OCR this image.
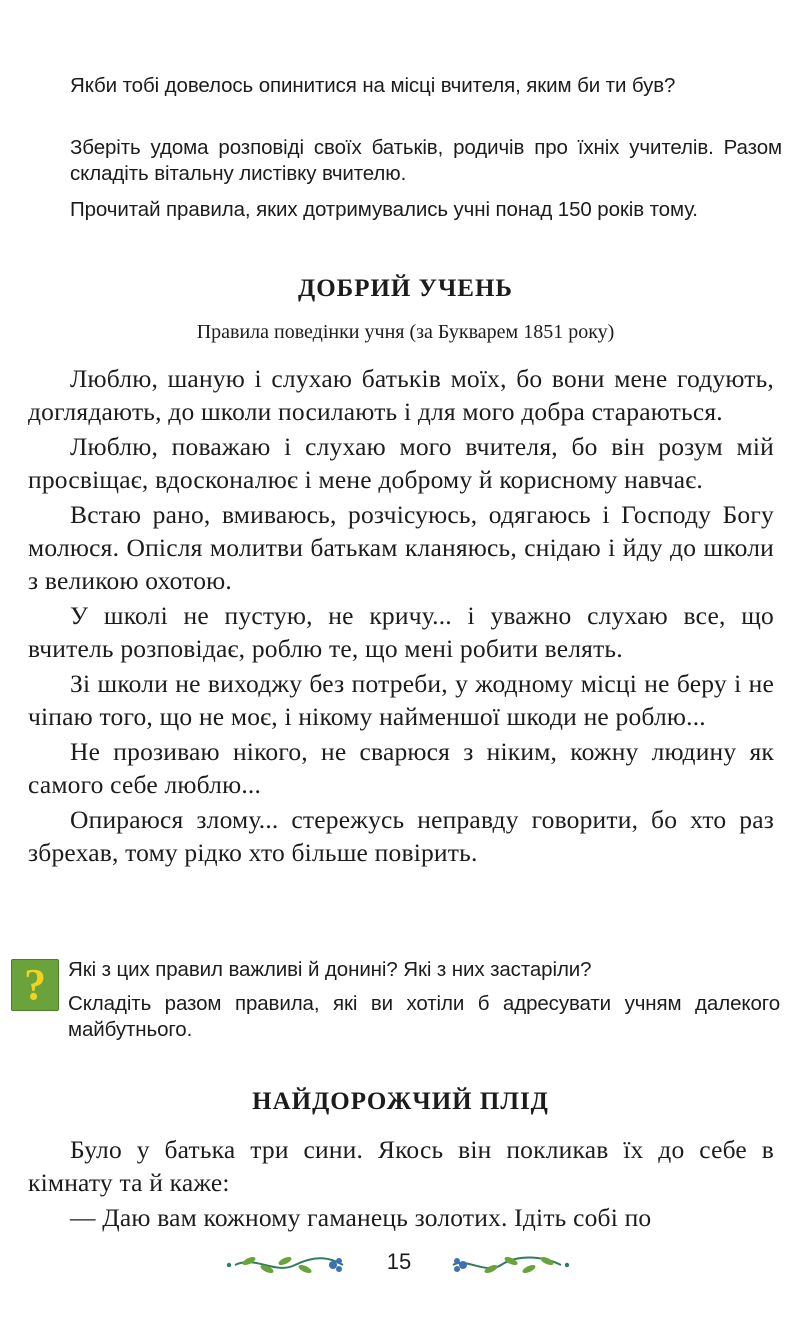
Якби тобі довелось опинитися на місці вчителя, яким би ти був?

Зберіть удома розповіді своїх батьків, родичів про їхніх учителів. Разом складіть вітальну листівку вчителю.

Прочитай правила, яких дотримувались учні понад 150 років тому.

ДОБРИЙ УЧЕНЬ

Правила поведінки учня (за Букварем 1851 року)

Люблю, шаную і слухаю батьків моїх, бо вони мене годують, доглядають, до школи посилають і для мого добра стараються.

Люблю, поважаю і слухаю мого вчителя, бо він розум мій просвіщає, вдосконалює і мене доброму й корисному навчає.

Встаю рано, вмиваюсь, розчісуюсь, одягаюсь і Господу Богу молюся. Опісля молитви батькам кланяюсь, снідаю і йду до школи з великою охотою.

У школі не пустую, не кричу... і уважно слухаю все, що вчитель розповідає, роблю те, що мені робити велять.

Зі школи не виходжу без потреби, у жодному місці не беру і не чіпаю того, що не моє, і нікому найменшої шкоди не роблю...

Не прозиваю нікого, не сварюся з ніким, кожну людину як самого себе люблю...

Опираюся злому... стережусь неправду говорити, бо хто раз збрехав, тому рідко хто більше повірить.

? Які з цих правил важливі й донині? Які з них застаріли?

Складіть разом правила, які ви хотіли б адресувати учням далекого майбутнього.

НАЙДОРОЖЧИЙ ПЛІД

Було у батька три сини. Якось він покликав їх до себе в кімнату та й каже:

— Даю вам кожному гаманець золотих. Ідіть собі по

15
